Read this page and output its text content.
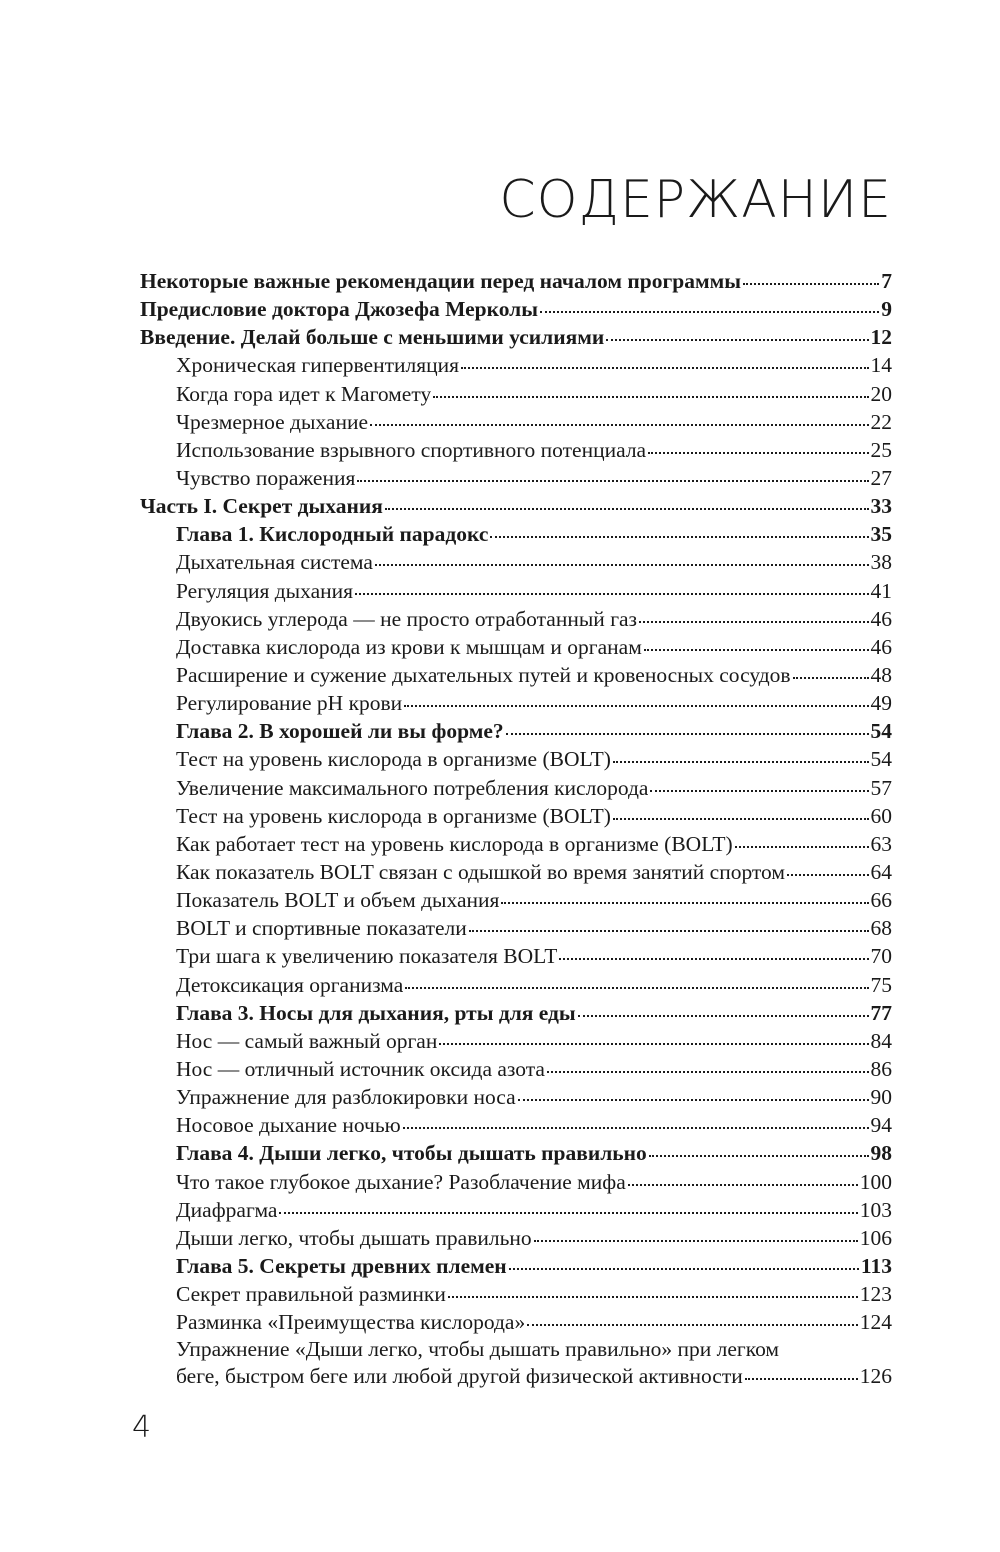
СОДЕРЖАНИЕ
Некоторые важные рекомендации перед началом программы	7
Предисловие доктора Джозефа Мерколы	9
Введение. Делай больше с меньшими усилиями	12
Хроническая гипервентиляция	14
Когда гора идет к Магомету	20
Чрезмерное дыхание	22
Использование взрывного спортивного потенциала	25
Чувство поражения	27
Часть I. Секрет дыхания	33
Глава 1. Кислородный парадокс	35
Дыхательная система	38
Регуляция дыхания	41
Двуокись углерода — не просто отработанный газ	46
Доставка кислорода из крови к мышцам и органам	46
Расширение и сужение дыхательных путей и кровеносных сосудов	48
Регулирование pH крови	49
Глава 2. В хорошей ли вы форме?	54
Тест на уровень кислорода в организме (BOLT)	54
Увеличение максимального потребления кислорода	57
Тест на уровень кислорода в организме (BOLT)	60
Как работает тест на уровень кислорода в организме (BOLT)	63
Как показатель BOLT связан с одышкой во время занятий спортом	64
Показатель BOLT и объем дыхания	66
BOLT и спортивные показатели	68
Три шага к увеличению показателя BOLT	70
Детоксикация организма	75
Глава 3. Носы для дыхания, рты для еды	77
Нос — самый важный орган	84
Нос — отличный источник оксида азота	86
Упражнение для разблокировки носа	90
Носовое дыхание ночью	94
Глава 4. Дыши легко, чтобы дышать правильно	98
Что такое глубокое дыхание? Разоблачение мифа	100
Диафрагма	103
Дыши легко, чтобы дышать правильно	106
Глава 5. Секреты древних племен	113
Секрет правильной разминки	123
Разминка «Преимущества кислорода»	124
Упражнение «Дыши легко, чтобы дышать правильно» при легком
беге, быстром беге или любой другой физической активности	126
4
